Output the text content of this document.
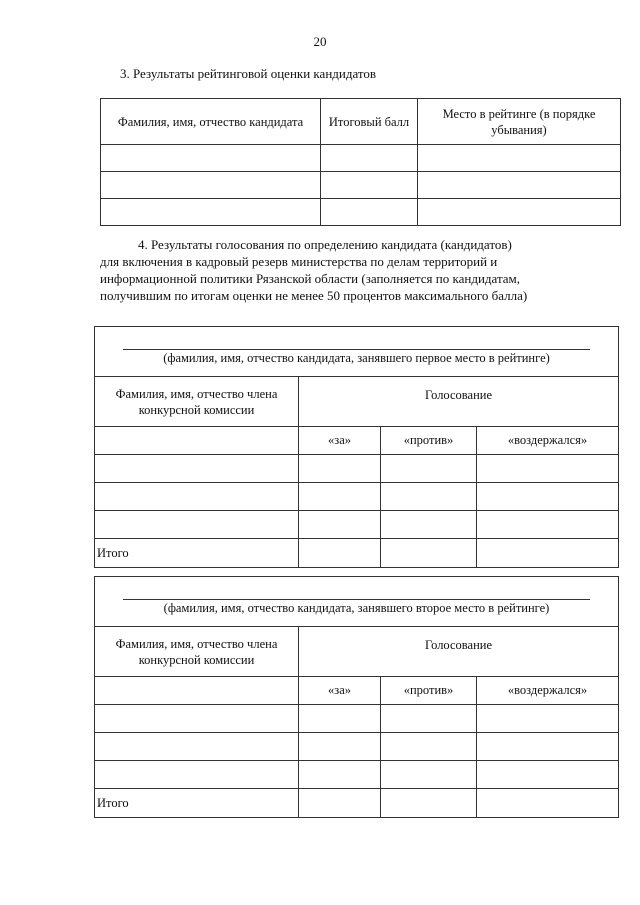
20
3. Результаты рейтинговой оценки кандидатов
Фамилия, имя, отчество кандидата	Итоговый балл	Место в рейтинге (в порядке убывания)

4. Результаты голосования по определению кандидата (кандидатов)
для включения в кадровый резерв министерства по делам территорий и
информационной политики Рязанской области (заполняется по кандидатам,
получившим по итогам оценки не менее 50 процентов максимального балла)
(фамилия, имя, отчество кандидата, занявшего первое место в рейтинге)			

Фамилия, имя, отчество члена конкурсной комиссии	Голосование		
	«за»	«против»	«воздержался»

Итого			
(фамилия, имя, отчество кандидата, занявшего второе место в рейтинге)			

Фамилия, имя, отчество члена конкурсной комиссии	Голосование		
	«за»	«против»	«воздержался»

Итого			
